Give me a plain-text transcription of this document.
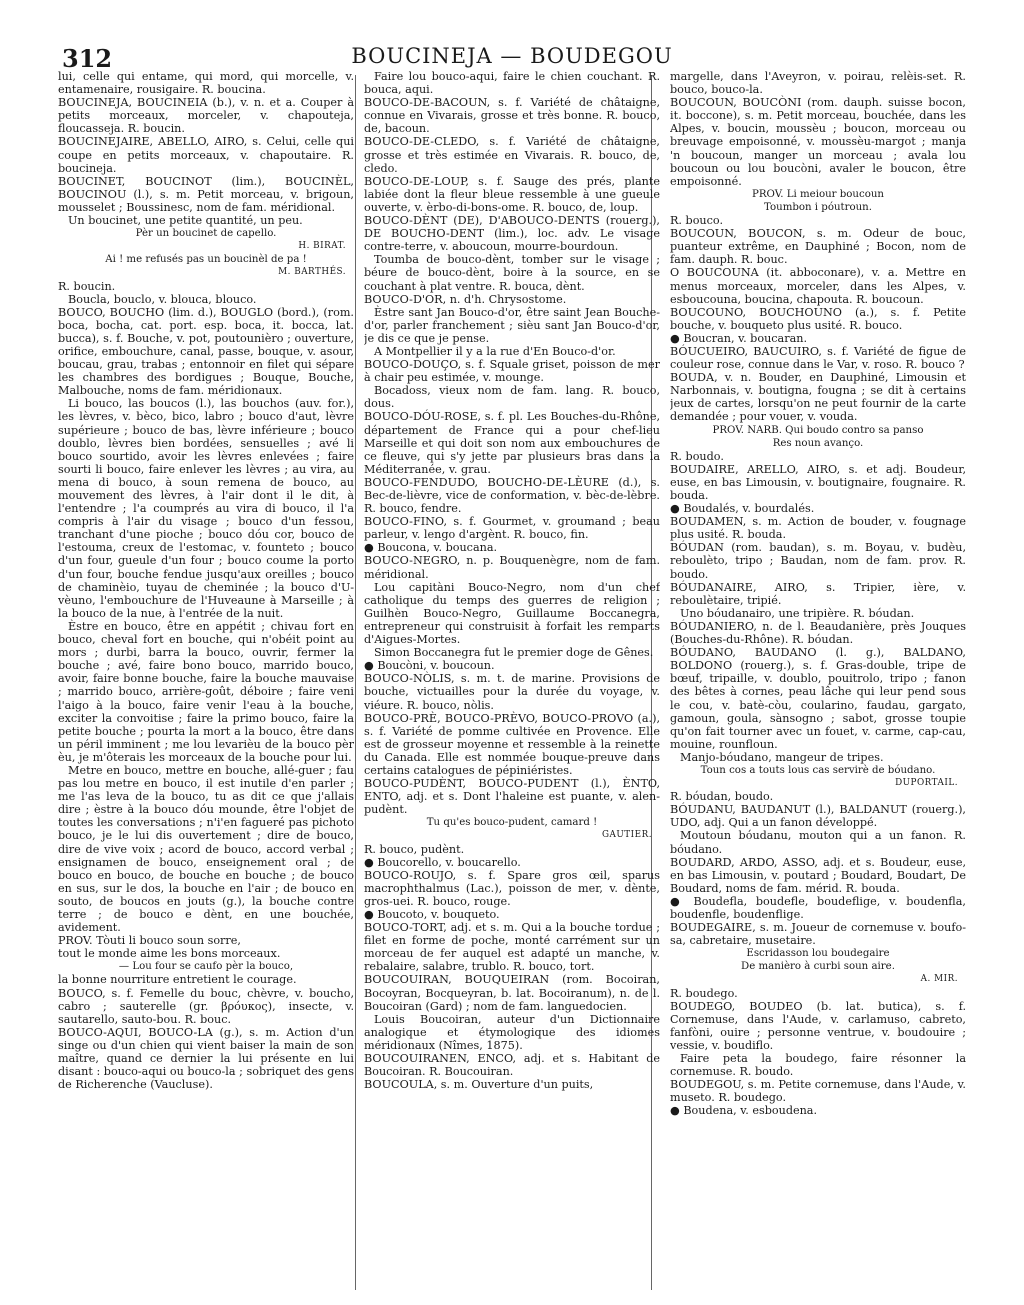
312	BOUCINEJA — BOUDEGOU

lui, celle qui entame, qui mord, qui morcelle, v. entamenaire, rousigaire. R. boucina.

BOUCINEJA, BOUCINEIA (b.), v. n. et a. Couper à petits morceaux, morceler, v. chapouteja, floucasseja. R. boucin.

BOUCINEJAIRE, ABELLO, AIRO, s. Celui, celle qui coupe en petits morceaux, v. chapoutaire. R. boucineja.

BOUCINET, BOUCINOT (lim.), BOUCINÈL, BOUCINOU (l.), s. m. Petit morceau, v. brigoun, mousselet ; Boussinesc, nom de fam. méridional.

Un boucinet, une petite quantité, un peu.

Pèr un boucinet de capello.

H. BIRAT.

Ai ! me refusés pas un boucinèl de pa !

M. BARTHÉS.

R. boucin.

Boucla, bouclo, v. blouca, blouco.

BOUCO, BOUCHO (lim. d.), BOUGLO (bord.), (rom. boca, bocha, cat. port. esp. boca, it. bocca, lat. bucca), s. f. Bouche, v. pot, poutounièro ; ouverture, orifice, embouchure, canal, passe, bouque, v. asour, boucau, grau, trabas ; entonnoir en filet qui sépare les chambres des bordigues ; Bouque, Bouche, Malbouche, noms de fam. méridionaux.

Li bouco, las boucos (l.), las bouchos (auv. for.), les lèvres, v. bèco, bico, labro ; bouco d'aut, lèvre supérieure ; bouco de bas, lèvre inférieure ; bouco doublo, lèvres bien bordées, sensuelles ; avé li bouco sourtido, avoir les lèvres enlevées ; faire sourti li bouco, faire enlever les lèvres ; au vira, au mena di bouco, à soun remena de bouco, au mouvement des lèvres, à l'air dont il le dit, à l'entendre ; l'a coumprés au vira di bouco, il l'a compris à l'air du visage ; bouco d'un fessou, tranchant d'une pioche ; bouco dóu cor, bouco de l'estouma, creux de l'estomac, v. founteto ; bouco d'un four, gueule d'un four ; bouco coume la porto d'un four, bouche fendue jusqu'aux oreilles ; bouco de chaminèio, tuyau de cheminée ; la bouco d'U-vèuno, l'embouchure de l'Huveaune à Marseille ; à la bouco de la nue, à l'entrée de la nuit.

Èstre en bouco, être en appétit ; chivau fort en bouco, cheval fort en bouche, qui n'obéit point au mors ; durbi, barra la bouco, ouvrir, fermer la bouche ; avé, faire bono bouco, marrido bouco, avoir, faire bonne bouche, faire la bouche mauvaise ; marrido bouco, arrière-goût, déboire ; faire veni l'aigo à la bouco, faire venir l'eau à la bouche, exciter la convoitise ; faire la primo bouco, faire la petite bouche ; pourta la mort a la bouco, être dans un péril imminent ; me lou levarièu de la bouco pèr èu, je m'ôterais les morceaux de la bouche pour lui.

Metre en bouco, mettre en bouche, allé-guer ; fau pas lou metre en bouco, il est inutile d'en parler ; me l'as leva de la bouco, tu as dit ce que j'allais dire ; èstre à la bouco dóu mounde, être l'objet de toutes les conversations ; n'i'en fagueré pas pichoto bouco, je le lui dis ouvertement ; dire de bouco, dire de vive voix ; acord de bouco, accord verbal ; ensignamen de bouco, enseignement oral ; de bouco en bouco, de bouche en bouche ; de bouco en sus, sur le dos, la bouche en l'air ; de bouco en souto, de boucos en jouts (g.), la bouche contre terre ; de bouco e dènt, en une bouchée, avidement.

PROV. Tòuti li bouco soun sorre,

tout le monde aime les bons morceaux.

— Lou four se caufo pèr la bouco,

la bonne nourriture entretient le courage.

BOUCO, s. f. Femelle du bouc, chèvre, v. boucho, cabro ; sauterelle (gr. βρόυκος), insecte, v. sautarello, sauto-bou. R. bouc.

BOUCO-AQUI, BOUCO-LA (g.), s. m. Action d'un singe ou d'un chien qui vient baiser la main de son maître, quand ce dernier la lui présente en lui disant : bouco-aqui ou bouco-la ; sobriquet des gens de Richerenche (Vaucluse).

Faire lou bouco-aqui, faire le chien couchant. R. bouca, aqui.

BOUCO-DE-BACOUN, s. f. Variété de châtaigne, connue en Vivarais, grosse et très bonne. R. bouco, de, bacoun.

BOUCO-DE-CLEDO, s. f. Variété de châtaigne, grosse et très estimée en Vivarais. R. bouco, de, cledo.

BOUCO-DE-LOUP, s. f. Sauge des prés, plante labiée dont la fleur bleue ressemble à une gueule ouverte, v. èrbo-di-bons-ome. R. bouco, de, loup.

BOUCO-DÈNT (DE), D'ABOUCO-DENTS (rouerg.), DE BOUCHO-DENT (lim.), loc. adv. Le visage contre-terre, v. aboucoun, mourre-bourdoun.

Toumba de bouco-dènt, tomber sur le visage ; béure de bouco-dènt, boire à la source, en se couchant à plat ventre. R. bouca, dènt.

BOUCO-D'OR, n. d'h. Chrysostome.

Èstre sant Jan Bouco-d'or, être saint Jean Bouche-d'or, parler franchement ; sièu sant Jan Bouco-d'or, je dis ce que je pense.

A Montpellier il y a la rue d'En Bouco-d'or.

BOUCO-DOUÇO, s. f. Squale griset, poisson de mer à chair peu estimée, v. mounge.

Bocadoss, vieux nom de fam. lang. R. bouco, dous.

BOUCO-DÓU-ROSE, s. f. pl. Les Bouches-du-Rhône, département de France qui a pour chef-lieu Marseille et qui doit son nom aux embouchures de ce fleuve, qui s'y jette par plusieurs bras dans la Méditerranée, v. grau.

BOUCO-FENDUDO, BOUCHO-DE-LÈURE (d.), s. Bec-de-lièvre, vice de conformation, v. bèc-de-lèbre. R. bouco, fendre.

BOUCO-FINO, s. f. Gourmet, v. groumand ; beau parleur, v. lengo d'argènt. R. bouco, fin.

● Boucona, v. boucana.

BOUCO-NEGRO, n. p. Bouquenègre, nom de fam. méridional.

Lou capitàni Bouco-Negro, nom d'un chef catholique du temps des guerres de religion ; Guilhèn Bouco-Negro, Guillaume Boccanegra, entrepreneur qui construisit à forfait les remparts d'Aigues-Mortes.

Simon Boccanegra fut le premier doge de Gênes.

● Boucòni, v. boucoun.

BOUCO-NÒLIS, s. m. t. de marine. Provisions de bouche, victuailles pour la durée du voyage, v. viéure. R. bouco, nòlis.

BOUCO-PRÈ, BOUCO-PRÈVO, BOUCO-PROVO (a.), s. f. Variété de pomme cultivée en Provence. Elle est de grosseur moyenne et ressemble à la reinette du Canada. Elle est nommée bouque-preuve dans certains catalogues de pépiniéristes.

BOUCO-PUDÈNT, BOUCO-PUDENT (l.), ÈNTO, ENTO, adj. et s. Dont l'haleine est puante, v. alen-pudènt.

Tu qu'es bouco-pudent, camard !

GAUTIER.

R. bouco, pudènt.

● Boucorello, v. boucarello.

BOUCO-ROUJO, s. f. Spare gros œil, sparus macrophthalmus (Lac.), poisson de mer, v. dènte, gros-uei. R. bouco, rouge.

● Boucoto, v. bouqueto.

BOUCO-TORT, adj. et s. m. Qui a la bouche tordue ; filet en forme de poche, monté carrément sur un morceau de fer auquel est adapté un manche, v. rebalaire, salabre, trublo. R. bouco, tort.

BOUCOUIRAN, BOUQUEIRAN (rom. Bocoiran, Bocoyran, Bocqueyran, b. lat. Bocoiranum), n. de l. Boucoiran (Gard) ; nom de fam. languedocien.

Louis Boucoiran, auteur d'un Dictionnaire analogique et étymologique des idiomes méridionaux (Nîmes, 1875).

BOUCOUIRANEN, ENCO, adj. et s. Habitant de Boucoiran. R. Boucouiran.

BOUCOULA, s. m. Ouverture d'un puits,

margelle, dans l'Aveyron, v. poirau, relèis-set. R. bouco, bouco-la.

BOUCOUN, BOUCÒNI (rom. dauph. suisse bocon, it. boccone), s. m. Petit morceau, bouchée, dans les Alpes, v. boucin, moussèu ; boucon, morceau ou breuvage empoisonné, v. moussèu-margot ; manja 'n boucoun, manger un morceau ; avala lou boucoun ou lou boucòni, avaler le boucon, être empoisonné.

PROV. Li meiour boucoun

Toumbon i póutroun.

R. bouco.

BOUCOUN, BOUCON, s. m. Odeur de bouc, puanteur extrême, en Dauphiné ; Bocon, nom de fam. dauph. R. bouc.

O BOUCOUNA (it. abboconare), v. a. Mettre en menus morceaux, morceler, dans les Alpes, v. esboucouna, boucina, chapouta. R. boucoun.

BOUCOUNO, BOUCHOUNO (a.), s. f. Petite bouche, v. bouqueto plus usité. R. bouco.

● Boucran, v. boucaran.

BÓUCUEIRO, BAUCUIRO, s. f. Variété de figue de couleur rose, connue dans le Var, v. roso. R. bouco ?

BOUDA, v. n. Bouder, en Dauphiné, Limousin et Narbonnais, v. boutigna, fougna ; se dit à certains jeux de cartes, lorsqu'on ne peut fournir de la carte demandée ; pour vouer, v. vouda.

PROV. NARB. Qui boudo contro sa panso

Res noun avanço.

R. boudo.

BOUDAIRE, ARELLO, AIRO, s. et adj. Boudeur, euse, en bas Limousin, v. boutignaire, fougnaire. R. bouda.

● Boudalés, v. bourdalés.

BOUDAMEN, s. m. Action de bouder, v. fougnage plus usité. R. bouda.

BÓUDAN (rom. baudan), s. m. Boyau, v. budèu, reboulèto, tripo ; Baudan, nom de fam. prov. R. boudo.

BÓUDANAIRE, AIRO, s. Tripier, ière, v. reboulètaire, tripié.

Uno bóudanairo, une tripière. R. bóudan.

BÓUDANIERO, n. de l. Beaudanière, près Jouques (Bouches-du-Rhône). R. bóudan.

BÓUDANO, BAUDANO (l. g.), BALDANO, BOLDONO (rouerg.), s. f. Gras-double, tripe de bœuf, tripaille, v. doublo, pouitrolo, tripo ; fanon des bêtes à cornes, peau lâche qui leur pend sous le cou, v. batè-còu, coularino, faudau, gargato, gamoun, goula, sànsogno ; sabot, grosse toupie qu'on fait tourner avec un fouet, v. carme, cap-cau, mouine, rounfloun.

Manjo-bóudano, mangeur de tripes.

Toun cos a touts lous cas servirè de bóudano.

DUPORTAIL.

R. bóudan, boudo.

BÓUDANU, BAUDANUT (l.), BALDANUT (rouerg.), UDO, adj. Qui a un fanon développé.

Moutoun bóudanu, mouton qui a un fanon. R. bóudano.

BOUDARD, ARDO, ASSO, adj. et s. Boudeur, euse, en bas Limousin, v. poutard ; Boudard, Boudart, De Boudard, noms de fam. mérid. R. bouda.

● Boudefla, boudefle, boudeflige, v. boudenfla, boudenfle, boudenflige.

BOUDEGAIRE, s. m. Joueur de cornemuse v. boufo-sa, cabretaire, musetaire.

Escridasson lou boudegaire

De manièro à curbi soun aire.

A. MIR.

R. boudego.

BOUDEGO, BOUDEO (b. lat. butica), s. f. Cornemuse, dans l'Aude, v. carlamuso, cabreto, fanfòni, ouire ; personne ventrue, v. boudouire ; vessie, v. boudiflo.

Faire peta la boudego, faire résonner la cornemuse. R. boudo.

BOUDEGOU, s. m. Petite cornemuse, dans l'Aude, v. museto. R. boudego.

● Boudena, v. esboudena.
